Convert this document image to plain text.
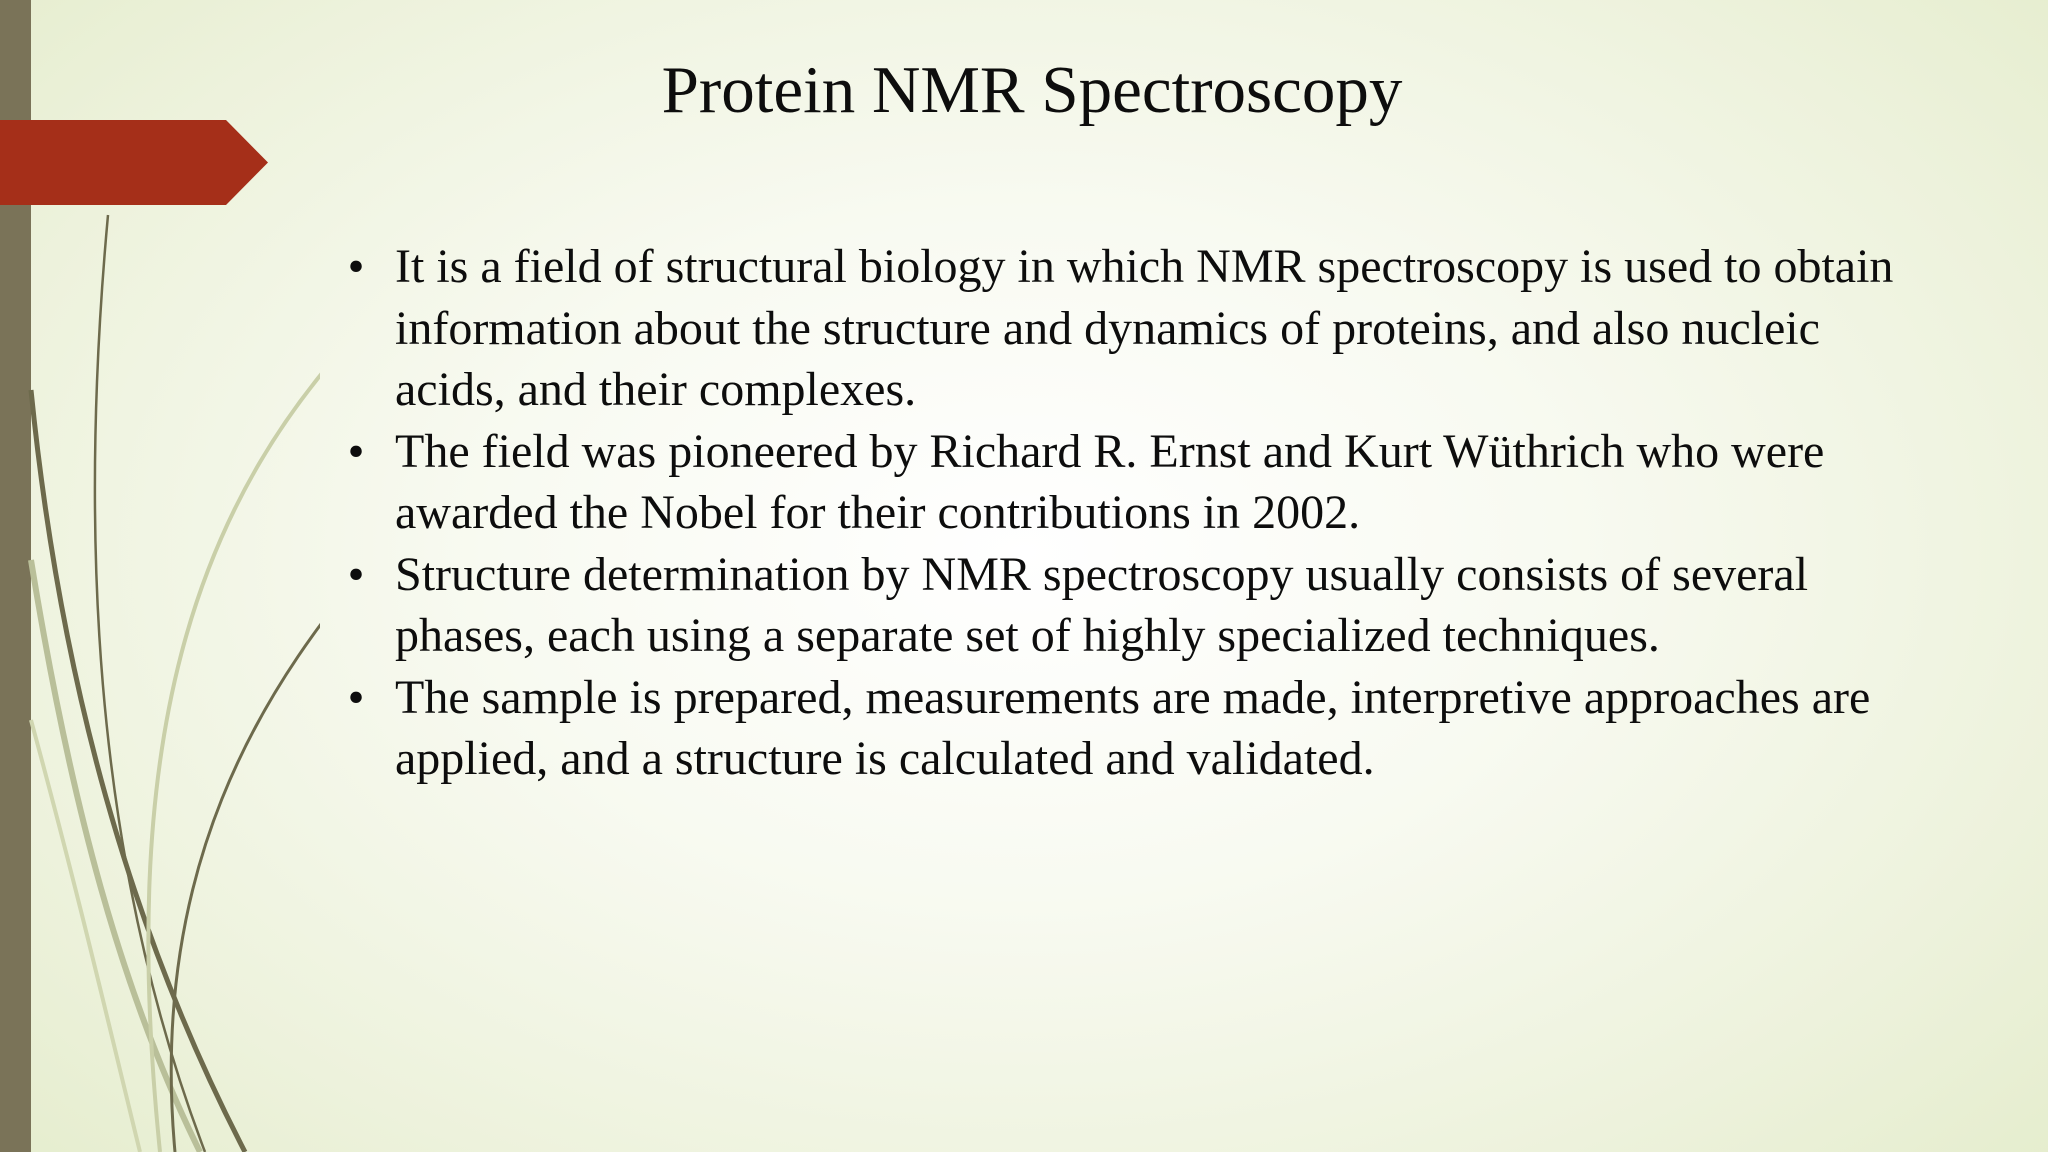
Protein NMR Spectroscopy
• It is a field of structural biology in which NMR spectroscopy is used to obtain information about the structure and dynamics of proteins, and also nucleic acids, and their complexes.
• The field was pioneered by Richard R. Ernst and Kurt Wüthrich who were awarded the Nobel for their contributions in 2002.
• Structure determination by NMR spectroscopy usually consists of several phases, each using a separate set of highly specialized techniques.
• The sample is prepared, measurements are made, interpretive approaches are applied, and a structure is calculated and validated.
